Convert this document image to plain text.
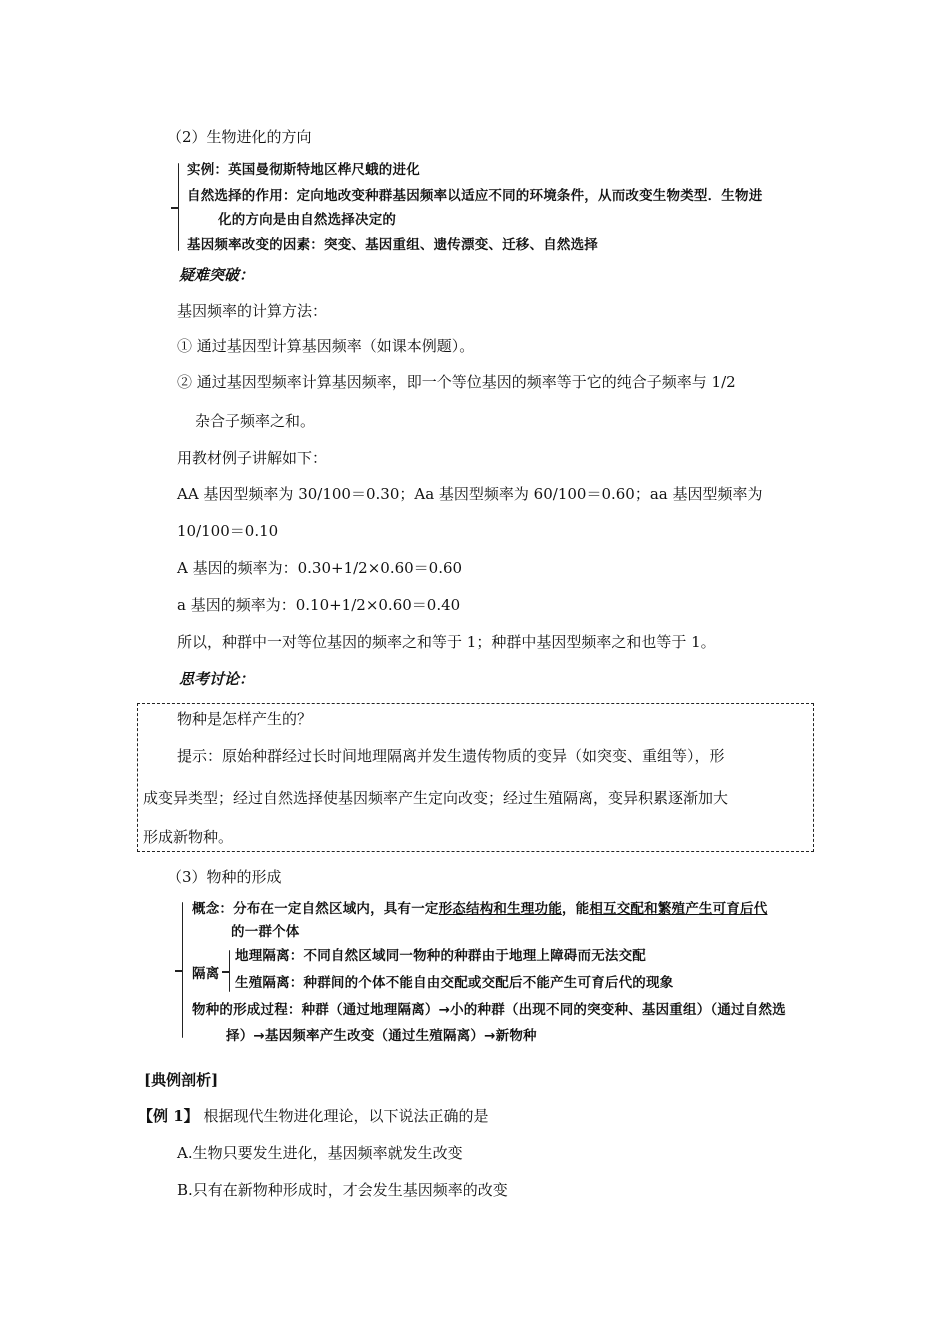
（2）生物进化的方向
实例：英国曼彻斯特地区桦尺蛾的进化
自然选择的作用：定向地改变种群基因频率以适应不同的环境条件，从而改变生物类型．生物进
化的方向是由自然选择决定的
基因频率改变的因素：突变、基因重组、遗传漂变、迁移、自然选择
疑难突破：
基因频率的计算方法：
① 通过基因型计算基因频率（如课本例题）。
② 通过基因型频率计算基因频率，即一个等位基因的频率等于它的纯合子频率与 1/2
杂合子频率之和。
用教材例子讲解如下：
AA 基因型频率为 30/100＝0.30；Aa 基因型频率为 60/100＝0.60；aa 基因型频率为
10/100＝0.10
A 基因的频率为：0.30+1/2×0.60＝0.60
a 基因的频率为：0.10+1/2×0.60＝0.40
所以，种群中一对等位基因的频率之和等于 1；种群中基因型频率之和也等于 1。
思考讨论：
物种是怎样产生的？
提示：原始种群经过长时间地理隔离并发生遗传物质的变异（如突变、重组等），形
成变异类型；经过自然选择使基因频率产生定向改变；经过生殖隔离，变异积累逐渐加大
形成新物种。
（3）物种的形成
概念：分布在一定自然区域内，具有一定形态结构和生理功能，能相互交配和繁殖产生可育后代
的一群个体
隔离
地理隔离：不同自然区域同一物种的种群由于地理上障碍而无法交配
生殖隔离：种群间的个体不能自由交配或交配后不能产生可育后代的现象
物种的形成过程：种群（通过地理隔离）→小的种群（出现不同的突变种、基因重组）（通过自然选
择）→基因频率产生改变（通过生殖隔离）→新物种
[典例剖析]
【例 1】 根据现代生物进化理论，以下说法正确的是
A.生物只要发生进化，基因频率就发生改变
B.只有在新物种形成时，才会发生基因频率的改变
